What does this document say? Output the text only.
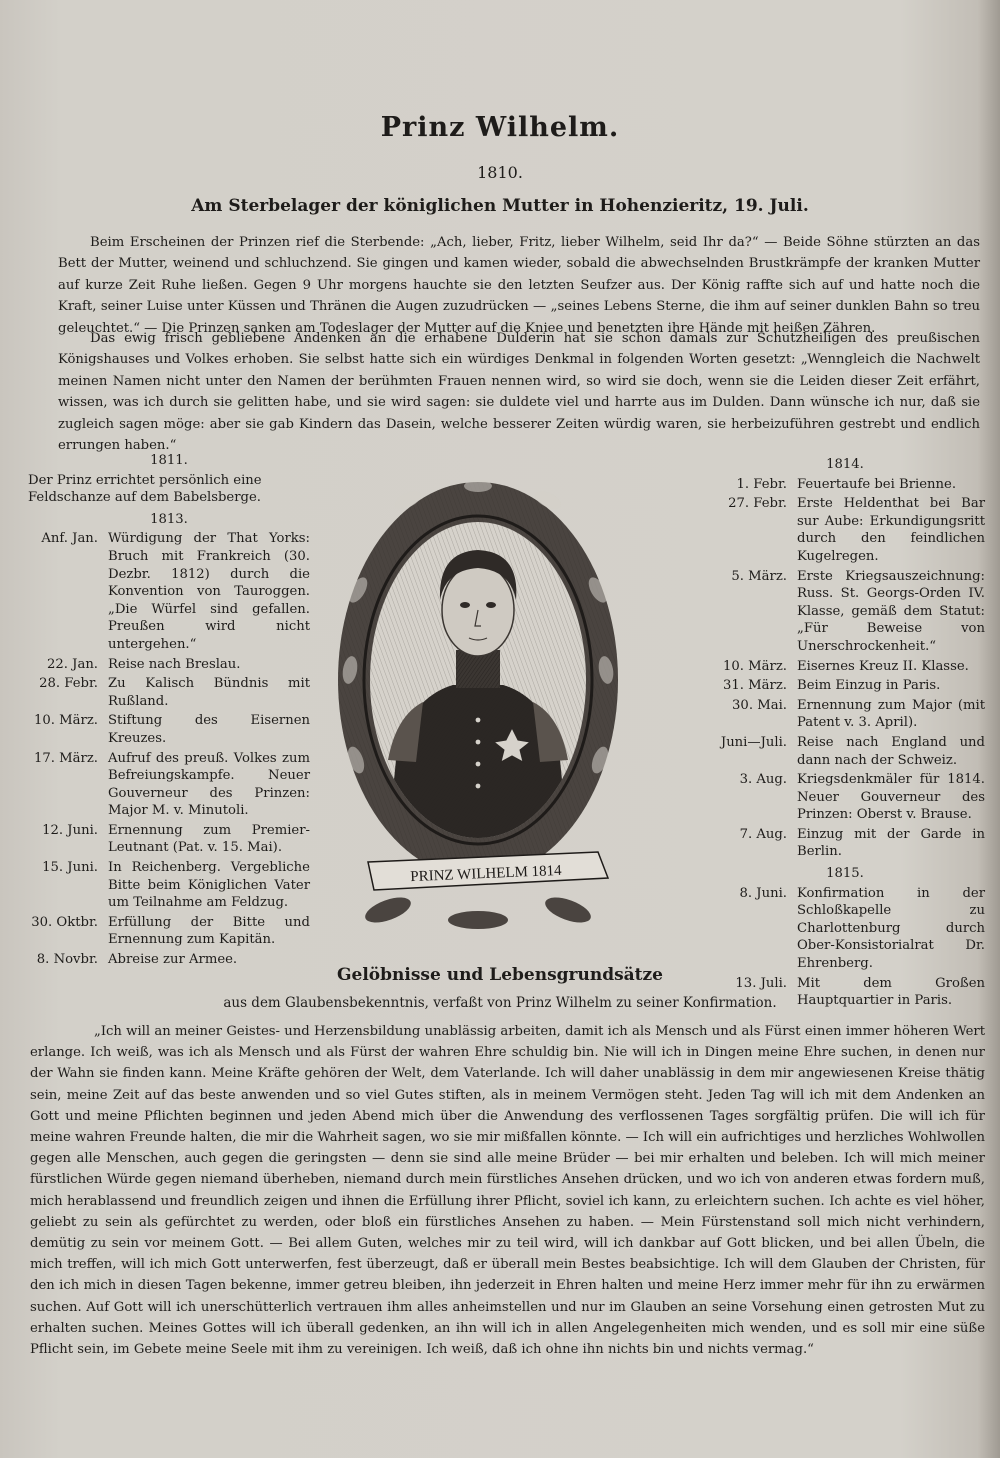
Prinz Wilhelm.
1810.
Am Sterbelager der königlichen Mutter in Hohenzieritz, 19. Juli.
Beim Erscheinen der Prinzen rief die Sterbende: „Ach, lieber, Fritz, lieber Wilhelm, seid Ihr da?“ — Beide Söhne stürzten an das Bett der Mutter, weinend und schluchzend. Sie gingen und kamen wieder, sobald die abwechselnden Brustkrämpfe der kranken Mutter auf kurze Zeit Ruhe ließen. Gegen 9 Uhr morgens hauchte sie den letzten Seufzer aus. Der König raffte sich auf und hatte noch die Kraft, seiner Luise unter Küssen und Thränen die Augen zuzudrücken — „seines Lebens Sterne, die ihm auf seiner dunklen Bahn so treu geleuchtet.“ — Die Prinzen sanken am Todeslager der Mutter auf die Kniee und benetzten ihre Hände mit heißen Zähren.
Das ewig frisch gebliebene Andenken an die erhabene Dulderin hat sie schon damals zur Schutzheiligen des preußischen Königshauses und Volkes erhoben. Sie selbst hatte sich ein würdiges Denkmal in folgenden Worten gesetzt: „Wenngleich die Nachwelt meinen Namen nicht unter den Namen der berühmten Frauen nennen wird, so wird sie doch, wenn sie die Leiden dieser Zeit erfährt, wissen, was ich durch sie gelitten habe, und sie wird sagen: sie duldete viel und harrte aus im Dulden. Dann wünsche ich nur, daß sie zugleich sagen möge: aber sie gab Kindern das Dasein, welche besserer Zeiten würdig waren, sie herbeizuführen gestrebt und endlich errungen haben.“
1811.
Der Prinz errichtet persönlich eine Feldschanze auf dem Babelsberge.
1813.
Anf. Jan. Würdigung der That Yorks: Bruch mit Frankreich (30. Dezbr. 1812) durch die Konvention von Tauroggen. „Die Würfel sind gefallen. Preußen wird nicht untergehen.“
22. Jan. Reise nach Breslau.
28. Febr. Zu Kalisch Bündnis mit Rußland.
10. März. Stiftung des Eisernen Kreuzes.
17. März. Aufruf des preuß. Volkes zum Befreiungskampfe. Neuer Gouverneur des Prinzen: Major M. v. Minutoli.
12. Juni. Ernennung zum Premier-Leutnant (Pat. v. 15. Mai).
15. Juni. In Reichenberg. Vergebliche Bitte beim Königlichen Vater um Teilnahme am Feldzug.
30. Oktbr. Erfüllung der Bitte und Ernennung zum Kapitän.
8. Novbr. Abreise zur Armee.
PRINZ WILHELM 1814
1814.
1. Febr. Feuertaufe bei Brienne.
27. Febr. Erste Heldenthat bei Bar sur Aube: Erkundigungsritt durch den feindlichen Kugelregen.
5. März. Erste Kriegsauszeichnung: Russ. St. Georgs-Orden IV. Klasse, gemäß dem Statut: „Für Beweise von Unerschrockenheit.“
10. März. Eisernes Kreuz II. Klasse.
31. März. Beim Einzug in Paris.
30. Mai. Ernennung zum Major (mit Patent v. 3. April).
Juni—Juli. Reise nach England und dann nach der Schweiz.
3. Aug. Kriegsdenkmäler für 1814. Neuer Gouverneur des Prinzen: Oberst v. Brause.
7. Aug. Einzug mit der Garde in Berlin.
1815.
8. Juni. Konfirmation in der Schloßkapelle zu Charlottenburg durch Ober-Konsistorialrat Dr. Ehrenberg.
13. Juli. Mit dem Großen Hauptquartier in Paris.
Gelöbnisse und Lebensgrundsätze
aus dem Glaubensbekenntnis, verfaßt von Prinz Wilhelm zu seiner Konfirmation.
„Ich will an meiner Geistes- und Herzensbildung unablässig arbeiten, damit ich als Mensch und als Fürst einen immer höheren Wert erlange. Ich weiß, was ich als Mensch und als Fürst der wahren Ehre schuldig bin. Nie will ich in Dingen meine Ehre suchen, in denen nur der Wahn sie finden kann. Meine Kräfte gehören der Welt, dem Vaterlande. Ich will daher unablässig in dem mir angewiesenen Kreise thätig sein, meine Zeit auf das beste anwenden und so viel Gutes stiften, als in meinem Vermögen steht. Jeden Tag will ich mit dem Andenken an Gott und meine Pflichten beginnen und jeden Abend mich über die Anwendung des verflossenen Tages sorgfältig prüfen. Die will ich für meine wahren Freunde halten, die mir die Wahrheit sagen, wo sie mir mißfallen könnte. — Ich will ein aufrichtiges und herzliches Wohlwollen gegen alle Menschen, auch gegen die geringsten — denn sie sind alle meine Brüder — bei mir erhalten und beleben. Ich will mich meiner fürstlichen Würde gegen niemand überheben, niemand durch mein fürstliches Ansehen drücken, und wo ich von anderen etwas fordern muß, mich herablassend und freundlich zeigen und ihnen die Erfüllung ihrer Pflicht, soviel ich kann, zu erleichtern suchen. Ich achte es viel höher, geliebt zu sein als gefürchtet zu werden, oder bloß ein fürstliches Ansehen zu haben. — Mein Fürstenstand soll mich nicht verhindern, demütig zu sein vor meinem Gott. — Bei allem Guten, welches mir zu teil wird, will ich dankbar auf Gott blicken, und bei allen Übeln, die mich treffen, will ich mich Gott unterwerfen, fest überzeugt, daß er überall mein Bestes beabsichtige. Ich will dem Glauben der Christen, für den ich mich in diesen Tagen bekenne, immer getreu bleiben, ihn jederzeit in Ehren halten und meine Herz immer mehr für ihn zu erwärmen suchen. Auf Gott will ich unerschütterlich vertrauen ihm alles anheimstellen und nur im Glauben an seine Vorsehung einen getrosten Mut zu erhalten suchen. Meines Gottes will ich überall gedenken, an ihn will ich in allen Angelegenheiten mich wenden, und es soll mir eine süße Pflicht sein, im Gebete meine Seele mit ihm zu vereinigen. Ich weiß, daß ich ohne ihn nichts bin und nichts vermag.“
